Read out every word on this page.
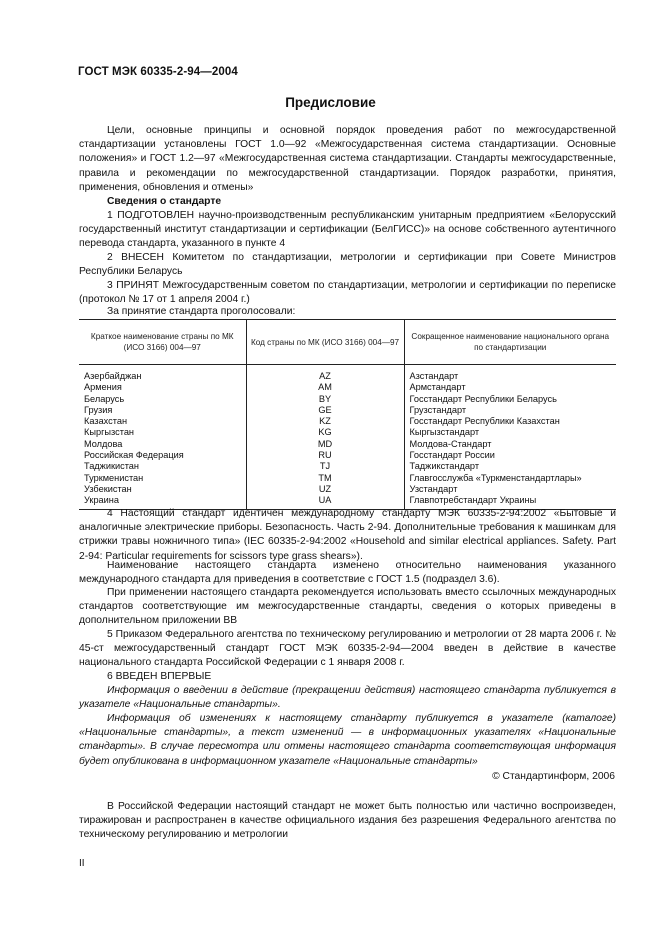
ГОСТ МЭК 60335-2-94—2004
Предисловие
Цели, основные принципы и основной порядок проведения работ по межгосударственной стандартизации установлены ГОСТ 1.0—92 «Межгосударственная система стандартизации. Основные положения» и ГОСТ 1.2—97 «Межгосударственная система стандартизации. Стандарты межгосударственные, правила и рекомендации по межгосударственной стандартизации. Порядок разработки, принятия, применения, обновления и отмены»
Сведения о стандарте
1 ПОДГОТОВЛЕН научно-производственным республиканским унитарным предприятием «Белорусский государственный институт стандартизации и сертификации (БелГИСС)» на основе собственного аутентичного перевода стандарта, указанного в пункте 4
2 ВНЕСЕН Комитетом по стандартизации, метрологии и сертификации при Совете Министров Республики Беларусь
3 ПРИНЯТ Межгосударственным советом по стандартизации, метрологии и сертификации по переписке (протокол № 17 от 1 апреля 2004 г.)
За принятие стандарта проголосовали:
Краткое наименование страны по МК (ИСО 3166) 004—97	Код страны по МК (ИСО 3166) 004—97	Сокращенное наименование национального органа по стандартизации
Азербайджан	AZ	Азстандарт
Армения	AM	Армстандарт
Беларусь	BY	Госстандарт Республики Беларусь
Грузия	GE	Грузстандарт
Казахстан	KZ	Госстандарт Республики Казахстан
Кыргызстан	KG	Кыргызстандарт
Молдова	MD	Молдова-Стандарт
Российская Федерация	RU	Госстандарт России
Таджикистан	TJ	Таджикстандарт
Туркменистан	TM	Главгосслужба «Туркменстандартлары»
Узбекистан	UZ	Узстандарт
Украина	UA	Главпотребстандарт Украины
4 Настоящий стандарт идентичен международному стандарту МЭК 60335-2-94:2002 «Бытовые и аналогичные электрические приборы. Безопасность. Часть 2-94. Дополнительные требования к машинкам для стрижки травы ножничного типа» (IEC 60335-2-94:2002 «Household and similar electrical appliances. Safety. Part 2-94: Particular requirements for scissors type grass shears»).
Наименование настоящего стандарта изменено относительно наименования указанного международного стандарта для приведения в соответствие с ГОСТ 1.5 (подраздел 3.6).
При применении настоящего стандарта рекомендуется использовать вместо ссылочных международных стандартов соответствующие им межгосударственные стандарты, сведения о которых приведены в дополнительном приложении ВВ
5 Приказом Федерального агентства по техническому регулированию и метрологии от 28 марта 2006 г. № 45-ст межгосударственный стандарт ГОСТ МЭК 60335-2-94—2004 введен в действие в качестве национального стандарта Российской Федерации с 1 января 2008 г.
6 ВВЕДЕН ВПЕРВЫЕ
Информация о введении в действие (прекращении действия) настоящего стандарта публикуется в указателе «Национальные стандарты».
Информация об изменениях к настоящему стандарту публикуется в указателе (каталоге) «Национальные стандарты», а текст изменений — в информационных указателях «Национальные стандарты». В случае пересмотра или отмены настоящего стандарта соответствующая информация будет опубликована в информационном указателе «Национальные стандарты»
© Стандартинформ, 2006
В Российской Федерации настоящий стандарт не может быть полностью или частично воспроизведен, тиражирован и распространен в качестве официального издания без разрешения Федерального агентства по техническому регулированию и метрологии
II
